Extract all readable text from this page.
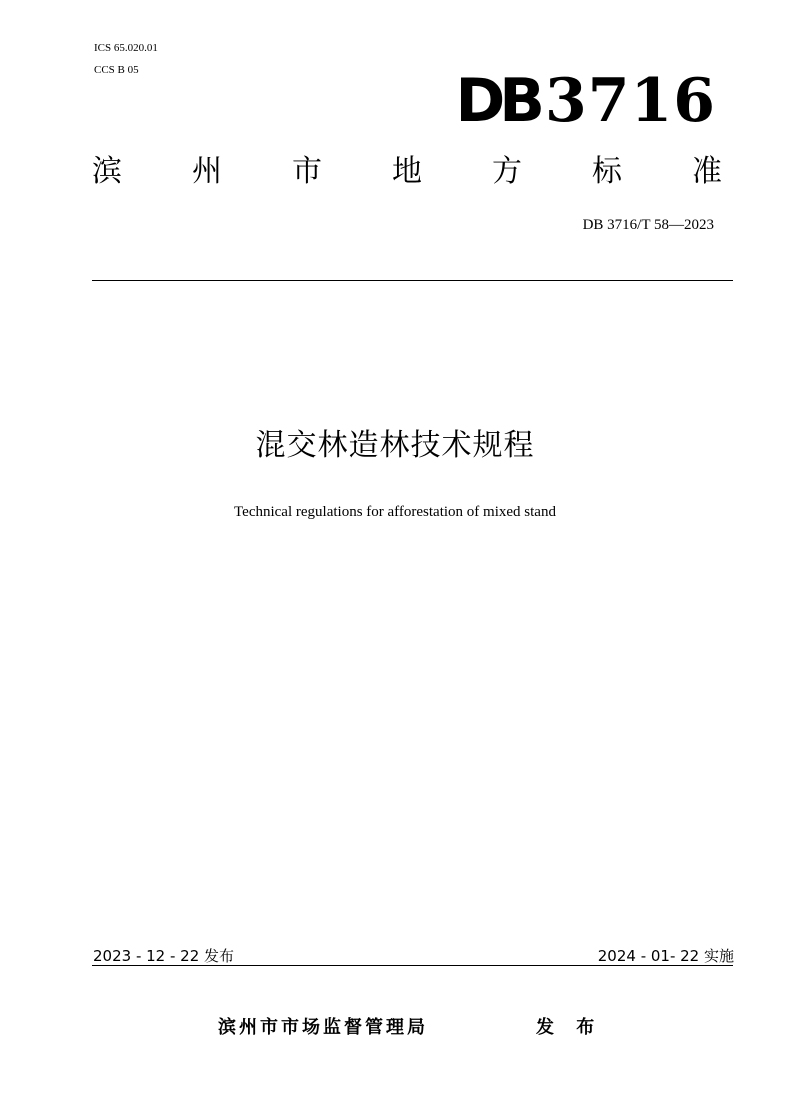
ICS 65.020.01
CCS B 05	DB 3716
滨 州 市 地 方 标 准
DB 3716/T 58—2023
混交林造林技术规程
Technical regulations for afforestation of mixed stand
2023 - 12 - 22 发布	2024 - 01- 22 实施
滨州市市场监督管理局	发 布
